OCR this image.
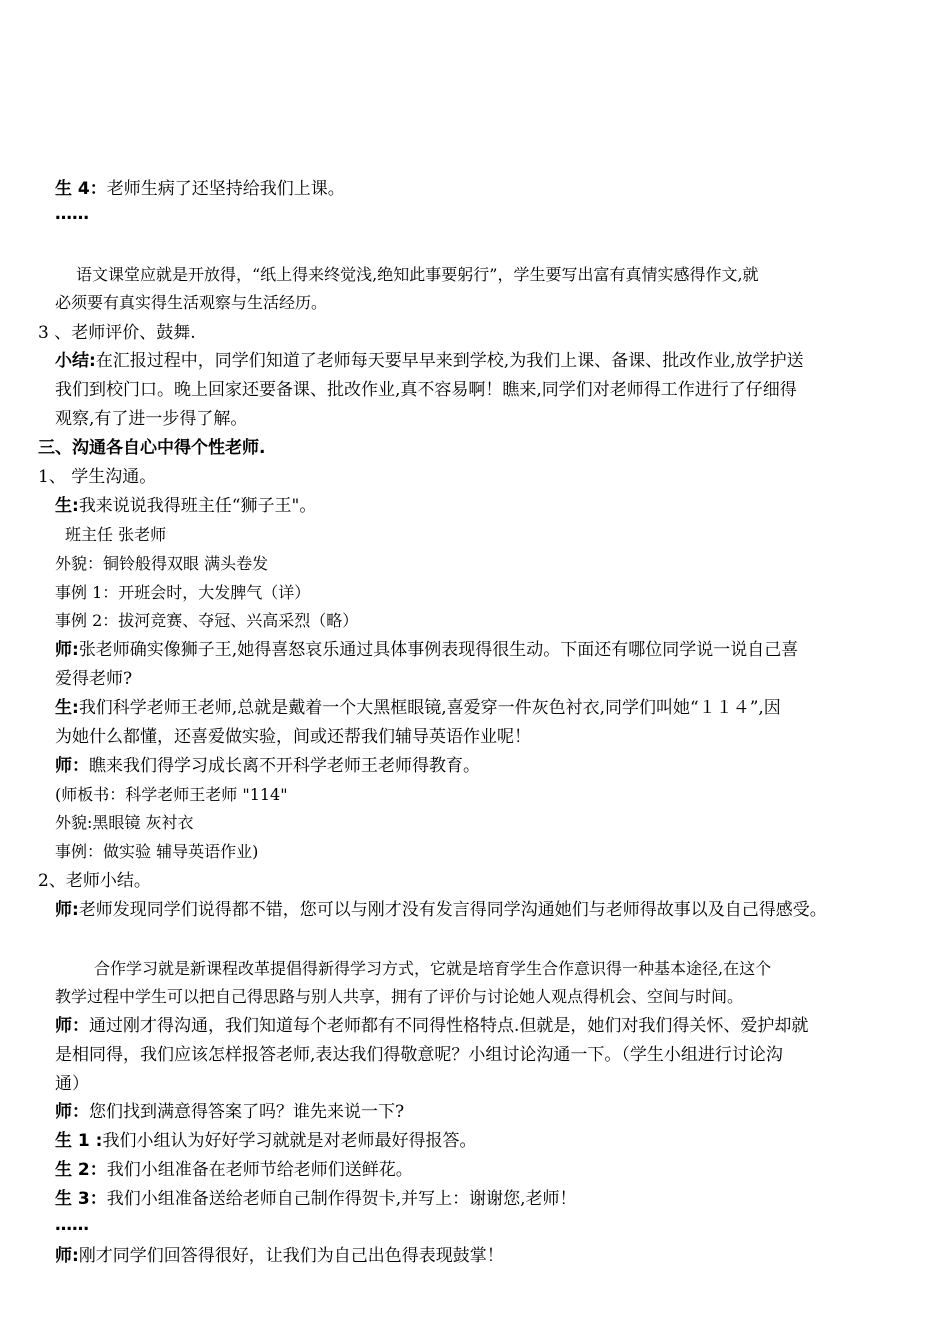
生 4：老师生病了还坚持给我们上课。
……
语文课堂应就是开放得，“纸上得来终觉浅,绝知此事要躬行”，学生要写出富有真情实感得作文,就
必须要有真实得生活观察与生活经历。
3 、老师评价、鼓舞.
小结:在汇报过程中，同学们知道了老师每天要早早来到学校,为我们上课、备课、批改作业,放学护送
我们到校门口。晚上回家还要备课、批改作业,真不容易啊！瞧来,同学们对老师得工作进行了仔细得
观察,有了进一步得了解。
三、沟通各自心中得个性老师.
1、 学生沟通。
生:我来说说我得班主任“狮子王"。
班主任 张老师
外貌：铜铃般得双眼 满头卷发
事例 1：开班会时，大发脾气（详）
事例 2：拔河竞赛、夺冠、兴高采烈（略）
师:张老师确实像狮子王,她得喜怒哀乐通过具体事例表现得很生动。下面还有哪位同学说一说自己喜
爱得老师?
生:我们科学老师王老师,总就是戴着一个大黑框眼镜,喜爱穿一件灰色衬衣,同学们叫她“１１４”,因
为她什么都懂，还喜爱做实验，间或还帮我们辅导英语作业呢！
师：瞧来我们得学习成长离不开科学老师王老师得教育。
(师板书：科学老师王老师 "114"
外貌:黑眼镜 灰衬衣
事例：做实验 辅导英语作业)
2、老师小结。
师:老师发现同学们说得都不错，您可以与刚才没有发言得同学沟通她们与老师得故事以及自己得感受。
合作学习就是新课程改革提倡得新得学习方式，它就是培育学生合作意识得一种基本途径,在这个
教学过程中学生可以把自己得思路与别人共享，拥有了评价与讨论她人观点得机会、空间与时间。
师：通过刚才得沟通，我们知道每个老师都有不同得性格特点.但就是，她们对我们得关怀、爱护却就
是相同得，我们应该怎样报答老师,表达我们得敬意呢？小组讨论沟通一下。（学生小组进行讨论沟
通）
师：您们找到满意得答案了吗？谁先来说一下?
生 1 :我们小组认为好好学习就就是对老师最好得报答。
生 2：我们小组准备在老师节给老师们送鲜花。
生 3：我们小组准备送给老师自己制作得贺卡,并写上：谢谢您,老师！
……
师:刚才同学们回答得很好，让我们为自己出色得表现鼓掌！
